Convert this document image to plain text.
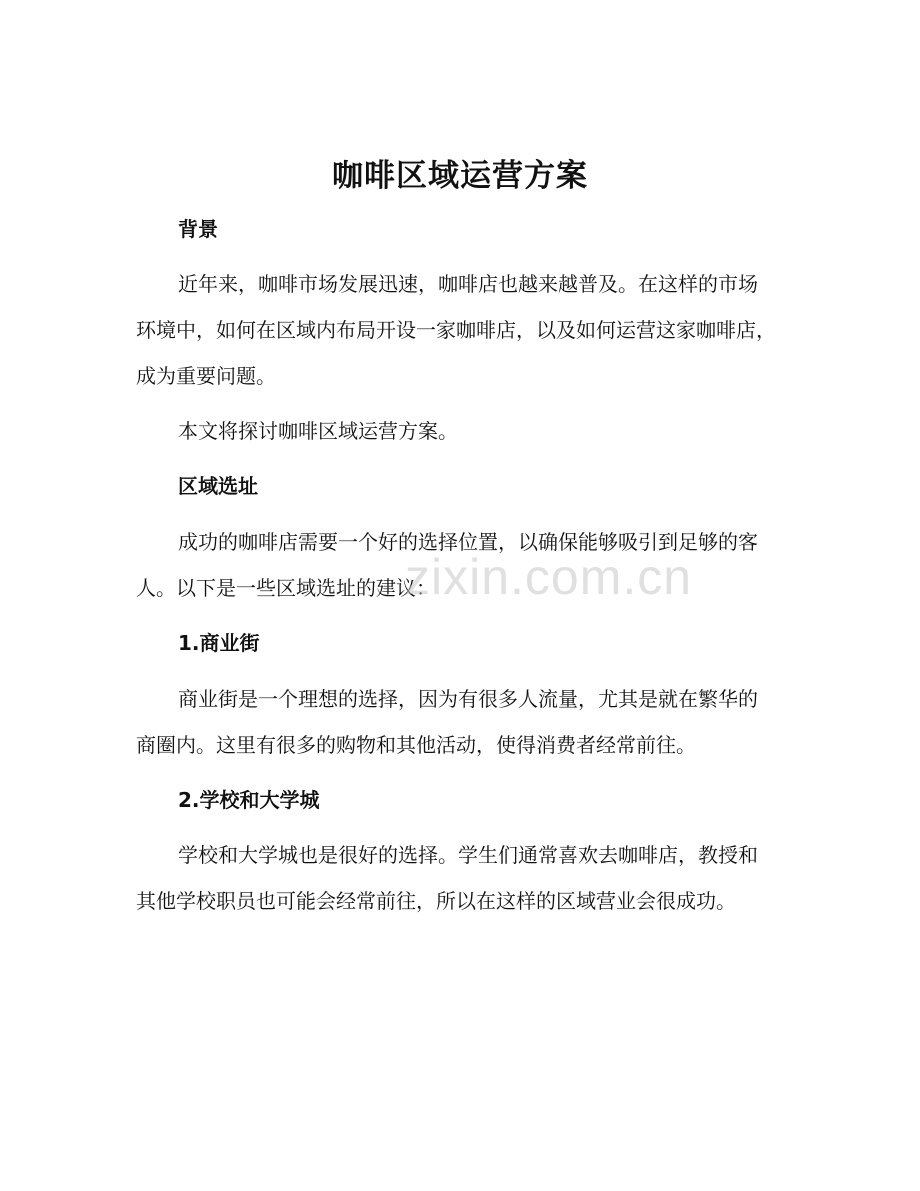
咖啡区域运营方案
背景

近年来，咖啡市场发展迅速，咖啡店也越来越普及。在这样的市场环境中，如何在区域内布局开设一家咖啡店，以及如何运营这家咖啡店，成为重要问题。

本文将探讨咖啡区域运营方案。

区域选址

成功的咖啡店需要一个好的选择位置，以确保能够吸引到足够的客人。以下是一些区域选址的建议：

1.商业街

商业街是一个理想的选择，因为有很多人流量，尤其是就在繁华的商圈内。这里有很多的购物和其他活动，使得消费者经常前往。

2.学校和大学城

学校和大学城也是很好的选择。学生们通常喜欢去咖啡店，教授和其他学校职员也可能会经常前往，所以在这样的区域营业会很成功。

zixin.com.cn
